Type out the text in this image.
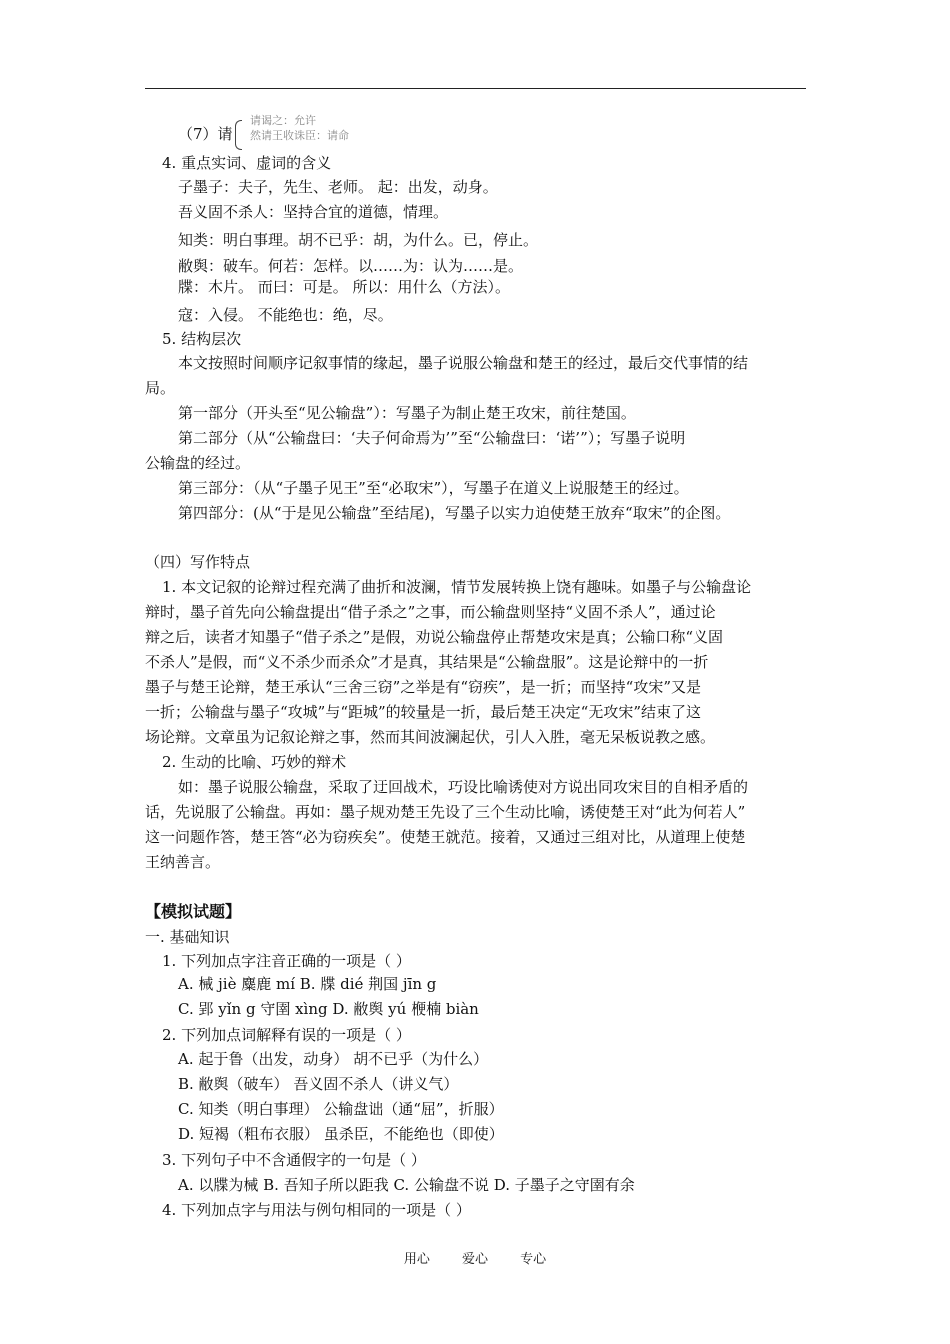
（7）请
请谒之：允许
然请王收诛臣：请命
4. 重点实词、虚词的含义
子墨子：夫子，先生、老师。 起：出发，动身。
吾义固不杀人：坚持合宜的道德，情理。
知类：明白事理。胡不已乎：胡，为什么。已，停止。
敝舆：破车。何若：怎样。以……为：认为……是。
牒：木片。 而曰：可是。 所以：用什么（方法）。
寇：入侵。 不能绝也：绝，尽。
5. 结构层次
本文按照时间顺序记叙事情的缘起，墨子说服公输盘和楚王的经过，最后交代事情的结
局。
第一部分（开头至“见公输盘”）：写墨子为制止楚王攻宋，前往楚国。
第二部分（从“公输盘曰：‘夫子何命焉为’”至“公输盘曰：‘诺’”）；写墨子说明
公输盘的经过。
第三部分：（从“子墨子见王”至“必取宋”），写墨子在道义上说服楚王的经过。
第四部分：(从“于是见公输盘”至结尾)，写墨子以实力迫使楚王放弃“取宋”的企图。
（四）写作特点
1. 本文记叙的论辩过程充满了曲折和波澜，情节发展转换上饶有趣味。如墨子与公输盘论
辩时，墨子首先向公输盘提出“借子杀之”之事，而公输盘则坚持“义固不杀人”，通过论
辩之后，读者才知墨子“借子杀之”是假，劝说公输盘停止帮楚攻宋是真；公输口称“义固
不杀人”是假，而“义不杀少而杀众”才是真，其结果是“公输盘服”。这是论辩中的一折
墨子与楚王论辩，楚王承认“三舍三窃”之举是有“窃疾”，是一折；而坚持“攻宋”又是
一折；公输盘与墨子“攻城”与“距城”的较量是一折，最后楚王决定“无攻宋”结束了这
场论辩。文章虽为记叙论辩之事，然而其间波澜起伏，引人入胜，毫无呆板说教之感。
2. 生动的比喻、巧妙的辩术
如：墨子说服公输盘，采取了迂回战术，巧设比喻诱使对方说出同攻宋目的自相矛盾的
话，先说服了公输盘。再如：墨子规劝楚王先设了三个生动比喻，诱使楚王对“此为何若人”
这一问题作答，楚王答“必为窃疾矣”。使楚王就范。接着，又通过三组对比，从道理上使楚
王纳善言。
【模拟试题】
一. 基础知识
1. 下列加点字注音正确的一项是（ ）
A. 械 jiè 麋鹿 mí B. 牒 dié 荆国 jīn g
C. 郢 yǐn g 守圉 xìng D. 敝舆 yú 楩楠 biàn
2. 下列加点词解释有误的一项是（ ）
A. 起于鲁（出发，动身） 胡不已乎（为什么）
B. 敝舆（破车） 吾义固不杀人（讲义气）
C. 知类（明白事理） 公输盘诎（通“屈”，折服）
D. 短褐（粗布衣服） 虽杀臣，不能绝也（即使）
3. 下列句子中不含通假字的一句是（ ）
A. 以牒为械 B. 吾知子所以距我 C. 公输盘不说 D. 子墨子之守圉有余
4. 下列加点字与用法与例句相同的一项是（ ）
用心 爱心 专心
